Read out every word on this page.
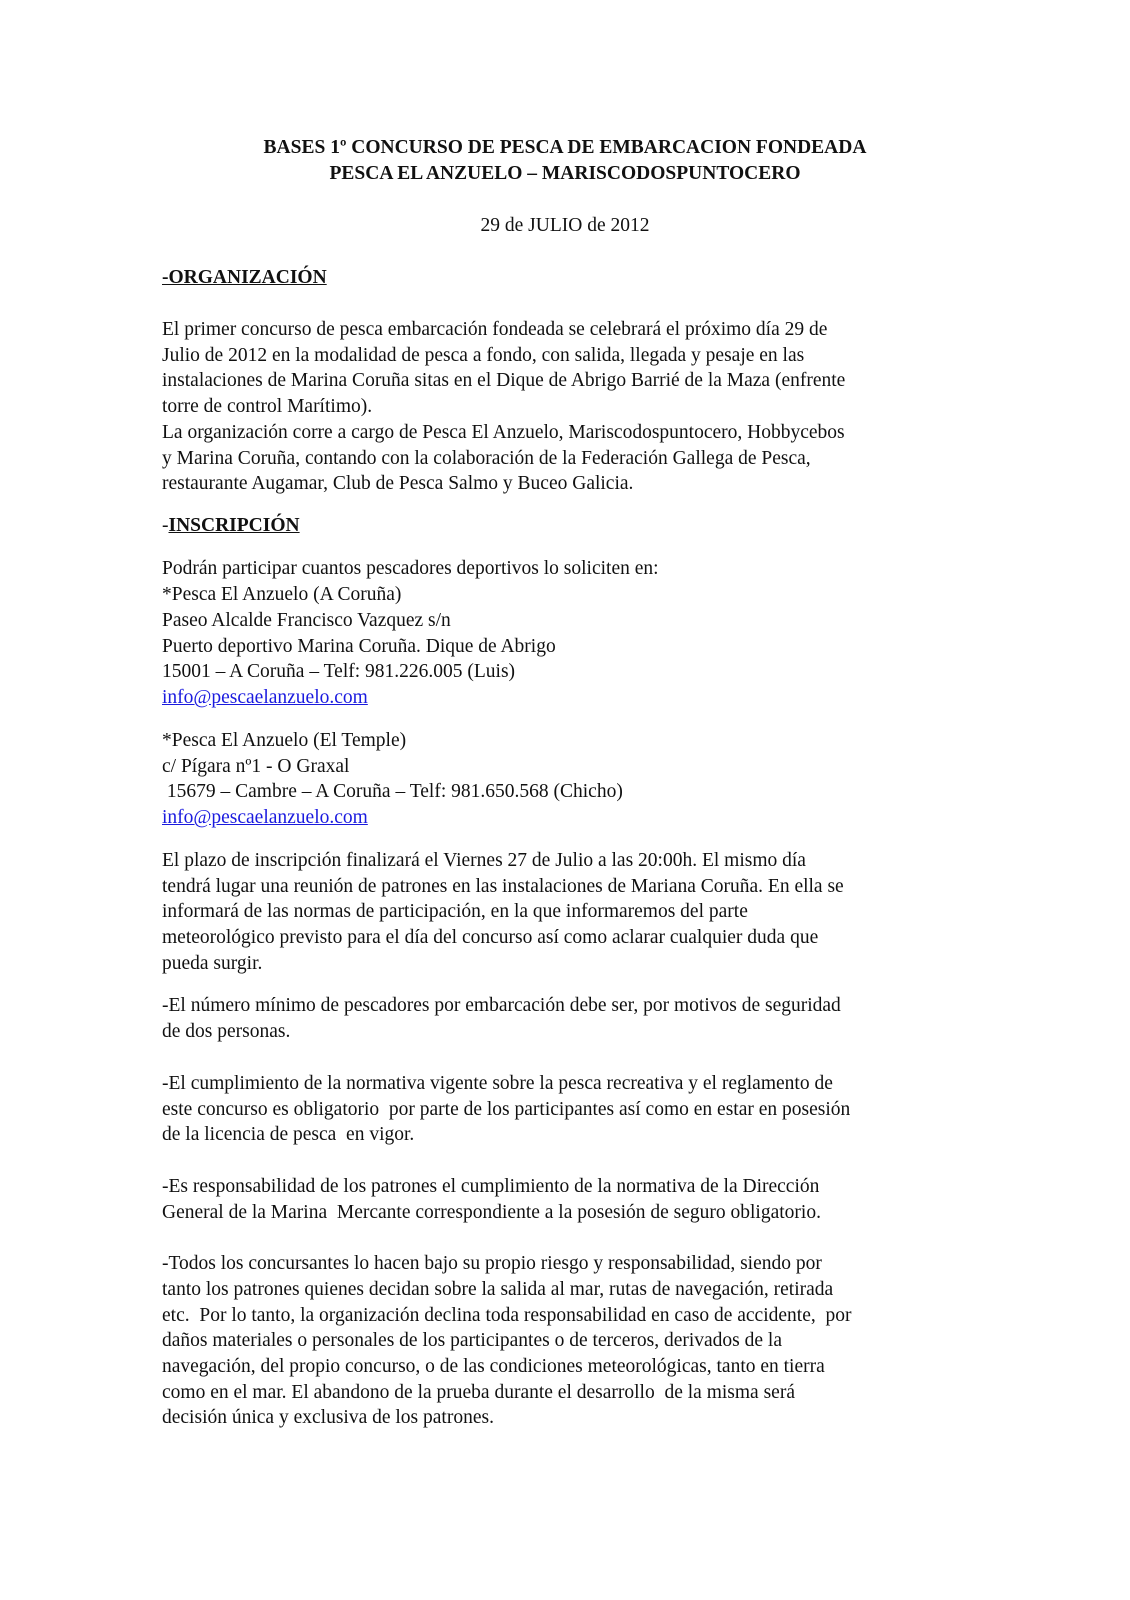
BASES 1º CONCURSO DE PESCA DE EMBARCACION FONDEADA
PESCA EL ANZUELO – MARISCODOSPUNTOCERO
29 de JULIO de 2012
-ORGANIZACIÓN
El primer concurso de pesca embarcación fondeada se celebrará el próximo día 29 de
Julio de 2012 en la modalidad de pesca a fondo, con salida, llegada y pesaje en las
instalaciones de Marina Coruña sitas en el Dique de Abrigo Barrié de la Maza (enfrente
torre de control Marítimo).
La organización corre a cargo de Pesca El Anzuelo, Mariscodospuntocero, Hobbycebos
y Marina Coruña, contando con la colaboración de la Federación Gallega de Pesca,
restaurante Augamar, Club de Pesca Salmo y Buceo Galicia.
-INSCRIPCIÓN
Podrán participar cuantos pescadores deportivos lo soliciten en:
*Pesca El Anzuelo (A Coruña)
Paseo Alcalde Francisco Vazquez s/n
Puerto deportivo Marina Coruña. Dique de Abrigo
15001 – A Coruña – Telf: 981.226.005 (Luis)
info@pescaelanzuelo.com
*Pesca El Anzuelo (El Temple)
c/ Pígara nº1 - O Graxal
15679 – Cambre – A Coruña – Telf: 981.650.568 (Chicho)
info@pescaelanzuelo.com
El plazo de inscripción finalizará el Viernes 27 de Julio a las 20:00h. El mismo día
tendrá lugar una reunión de patrones en las instalaciones de Mariana Coruña. En ella se
informará de las normas de participación, en la que informaremos del parte
meteorológico previsto para el día del concurso así como aclarar cualquier duda que
pueda surgir.
-El número mínimo de pescadores por embarcación debe ser, por motivos de seguridad
de dos personas.
-El cumplimiento de la normativa vigente sobre la pesca recreativa y el reglamento de
este concurso es obligatorio  por parte de los participantes así como en estar en posesión
de la licencia de pesca  en vigor.
-Es responsabilidad de los patrones el cumplimiento de la normativa de la Dirección
General de la Marina  Mercante correspondiente a la posesión de seguro obligatorio.
-Todos los concursantes lo hacen bajo su propio riesgo y responsabilidad, siendo por
tanto los patrones quienes decidan sobre la salida al mar, rutas de navegación, retirada
etc.  Por lo tanto, la organización declina toda responsabilidad en caso de accidente,  por
daños materiales o personales de los participantes o de terceros, derivados de la
navegación, del propio concurso, o de las condiciones meteorológicas, tanto en tierra
como en el mar. El abandono de la prueba durante el desarrollo  de la misma será
decisión única y exclusiva de los patrones.
